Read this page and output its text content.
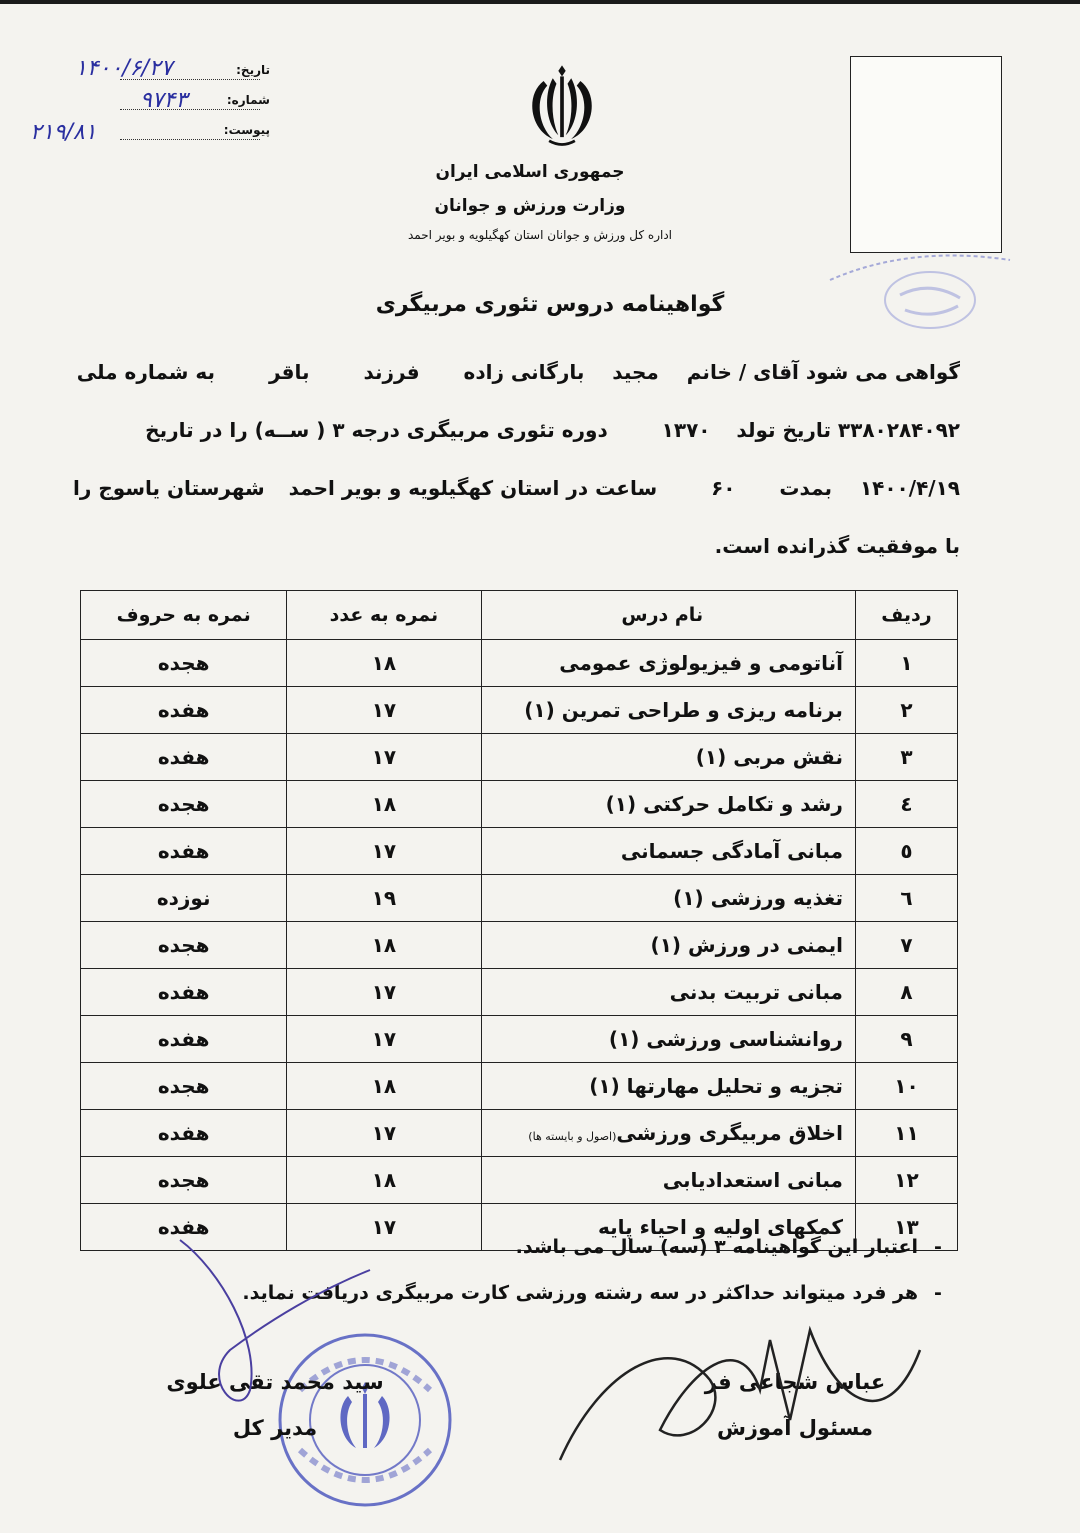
جمهوری اسلامی ایران
وزارت ورزش و جوانان
اداره کل ورزش و جوانان استان کهگیلویه و بویر احمد
تاریخ:
شماره:
پیوست:
۱۴۰۰/۶/۲۷
۹۷۴۳
۲۱۹/۸۱
گواهینامه دروس تئوری مربیگری
گواهی می شود آقای / خانم  مجید  بارگانی زاده  فرزند  باقر  به شماره ملی
۳۳۸۰۲۸۴۰۹۲ تاریخ تولد  ۱۳۷۰  دوره تئوری مربیگری درجه ۳ ( ســه) را در تاریخ
۱۴۰۰/۴/۱۹  بمدت  ۶۰  ساعت در استان کهگیلویه و بویر احمد  شهرستان یاسوج را
با موفقیت گذرانده است.
ردیف	نام درس	نمره به عدد	نمره به حروف
۱	آناتومی و فیزیولوژی عمومی	۱۸	هجده
۲	برنامه ریزی و طراحی تمرین (۱)	۱۷	هفده
۳	نقش مربی (۱)	۱۷	هفده
٤	رشد و تکامل حرکتی (۱)	۱۸	هجده
٥	مبانی آمادگی جسمانی	۱۷	هفده
٦	تغذیه ورزشی (۱)	۱۹	نوزده
۷	ایمنی در ورزش (۱)	۱۸	هجده
۸	مبانی تربیت بدنی	۱۷	هفده
۹	روانشناسی ورزشی (۱)	۱۷	هفده
۱۰	تجزیه و تحلیل مهارتها (۱)	۱۸	هجده
۱۱	اخلاق مربیگری ورزشی(اصول و بایسته ها)	۱۷	هفده
۱۲	مبانی استعدادیابی	۱۸	هجده
۱۳	کمکهای اولیه و احیاء پایه	۱۷	هفده
-اعتبار این گواهینامه ۳ (سه) سال می باشد.
-هر فرد میتواند حداکثر در سه رشته ورزشی کارت مربیگری دریافت نماید.
عباس شجاعی فر
مسئول آموزش
سید محمد تقی علوی
مدیر کل
